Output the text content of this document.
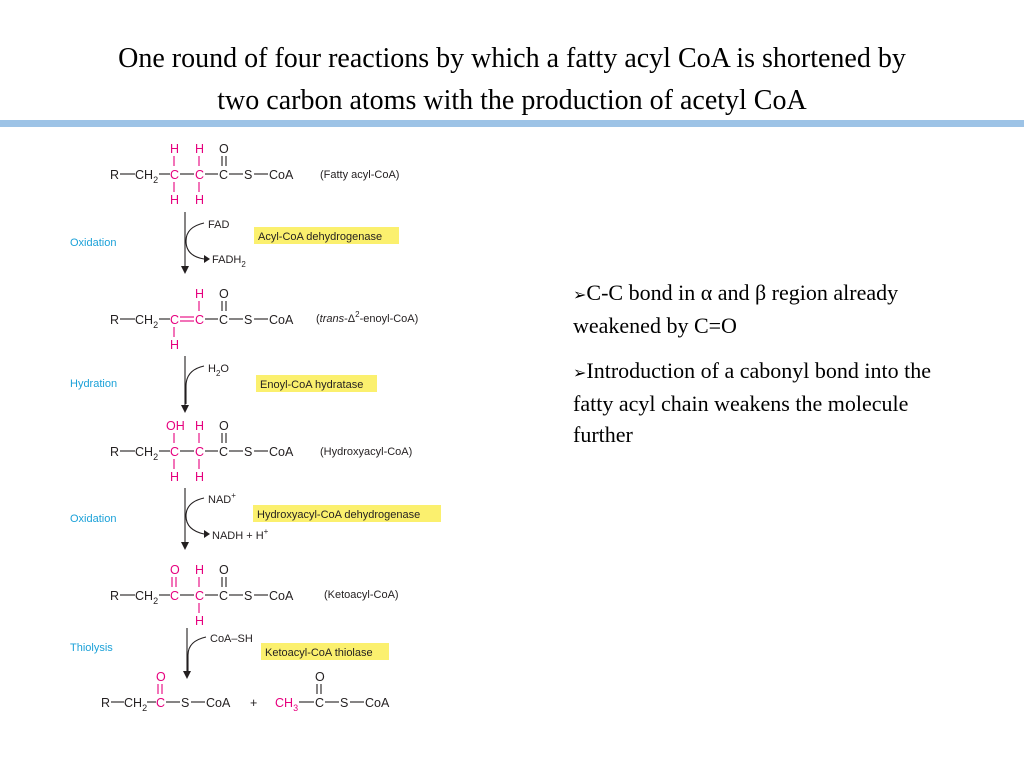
One round of four reactions by which a fatty acyl CoA is shortened by
two carbon atoms with the production of acetyl CoA
H H O
R $CH_2$ C C C S CoA
H H
(Fatty acyl-CoA)
Oxidation
FAD
$FADH_2$
Acyl-CoA dehydrogenase
H O
R $CH_2$ C C C S CoA
H
$(trans-\Delta^2-enoyl-CoA)$
Hydration
$H_2O$
Enoyl-CoA hydratase
OH H O
R $CH_2$ C C C S CoA
H H
(Hydroxyacyl-CoA)
Oxidation
NAD+
NADH + H+
Hydroxyacyl-CoA dehydrogenase
O H O
R $CH_2$ C C C S CoA
H
(Ketoacyl-CoA)
Thiolysis
CoA–SH
Ketoacyl-CoA thiolase
O
R $CH_2$ C S CoA +
O
$CH_3$ C S CoA
➢C-C bond in α and β region already weakened by C=O
➢Introduction of a cabonyl bond into the fatty acyl chain weakens the molecule further
